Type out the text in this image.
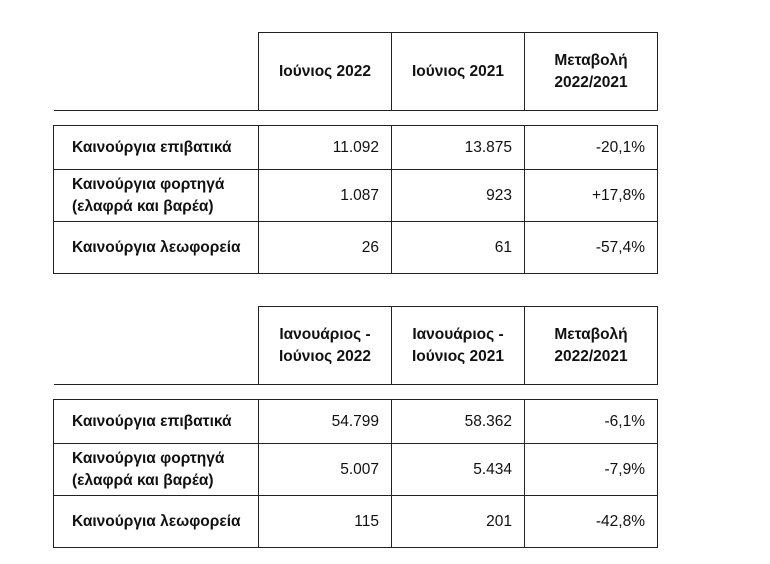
	Ιούνιος 2022	Ιούνιος 2021	Μεταβολή 2022/2021

Καινούργια επιβατικά	11.092	13.875	-20,1%
Καινούργια φορτηγά (ελαφρά και βαρέα)	1.087	923	+17,8%
Καινούργια λεωφορεία	26	61	-57,4%
	Ιανουάριος - Ιούνιος 2022	Ιανουάριος - Ιούνιος 2021	Μεταβολή 2022/2021

Καινούργια επιβατικά	54.799	58.362	-6,1%
Καινούργια φορτηγά (ελαφρά και βαρέα)	5.007	5.434	-7,9%
Καινούργια λεωφορεία	115	201	-42,8%
